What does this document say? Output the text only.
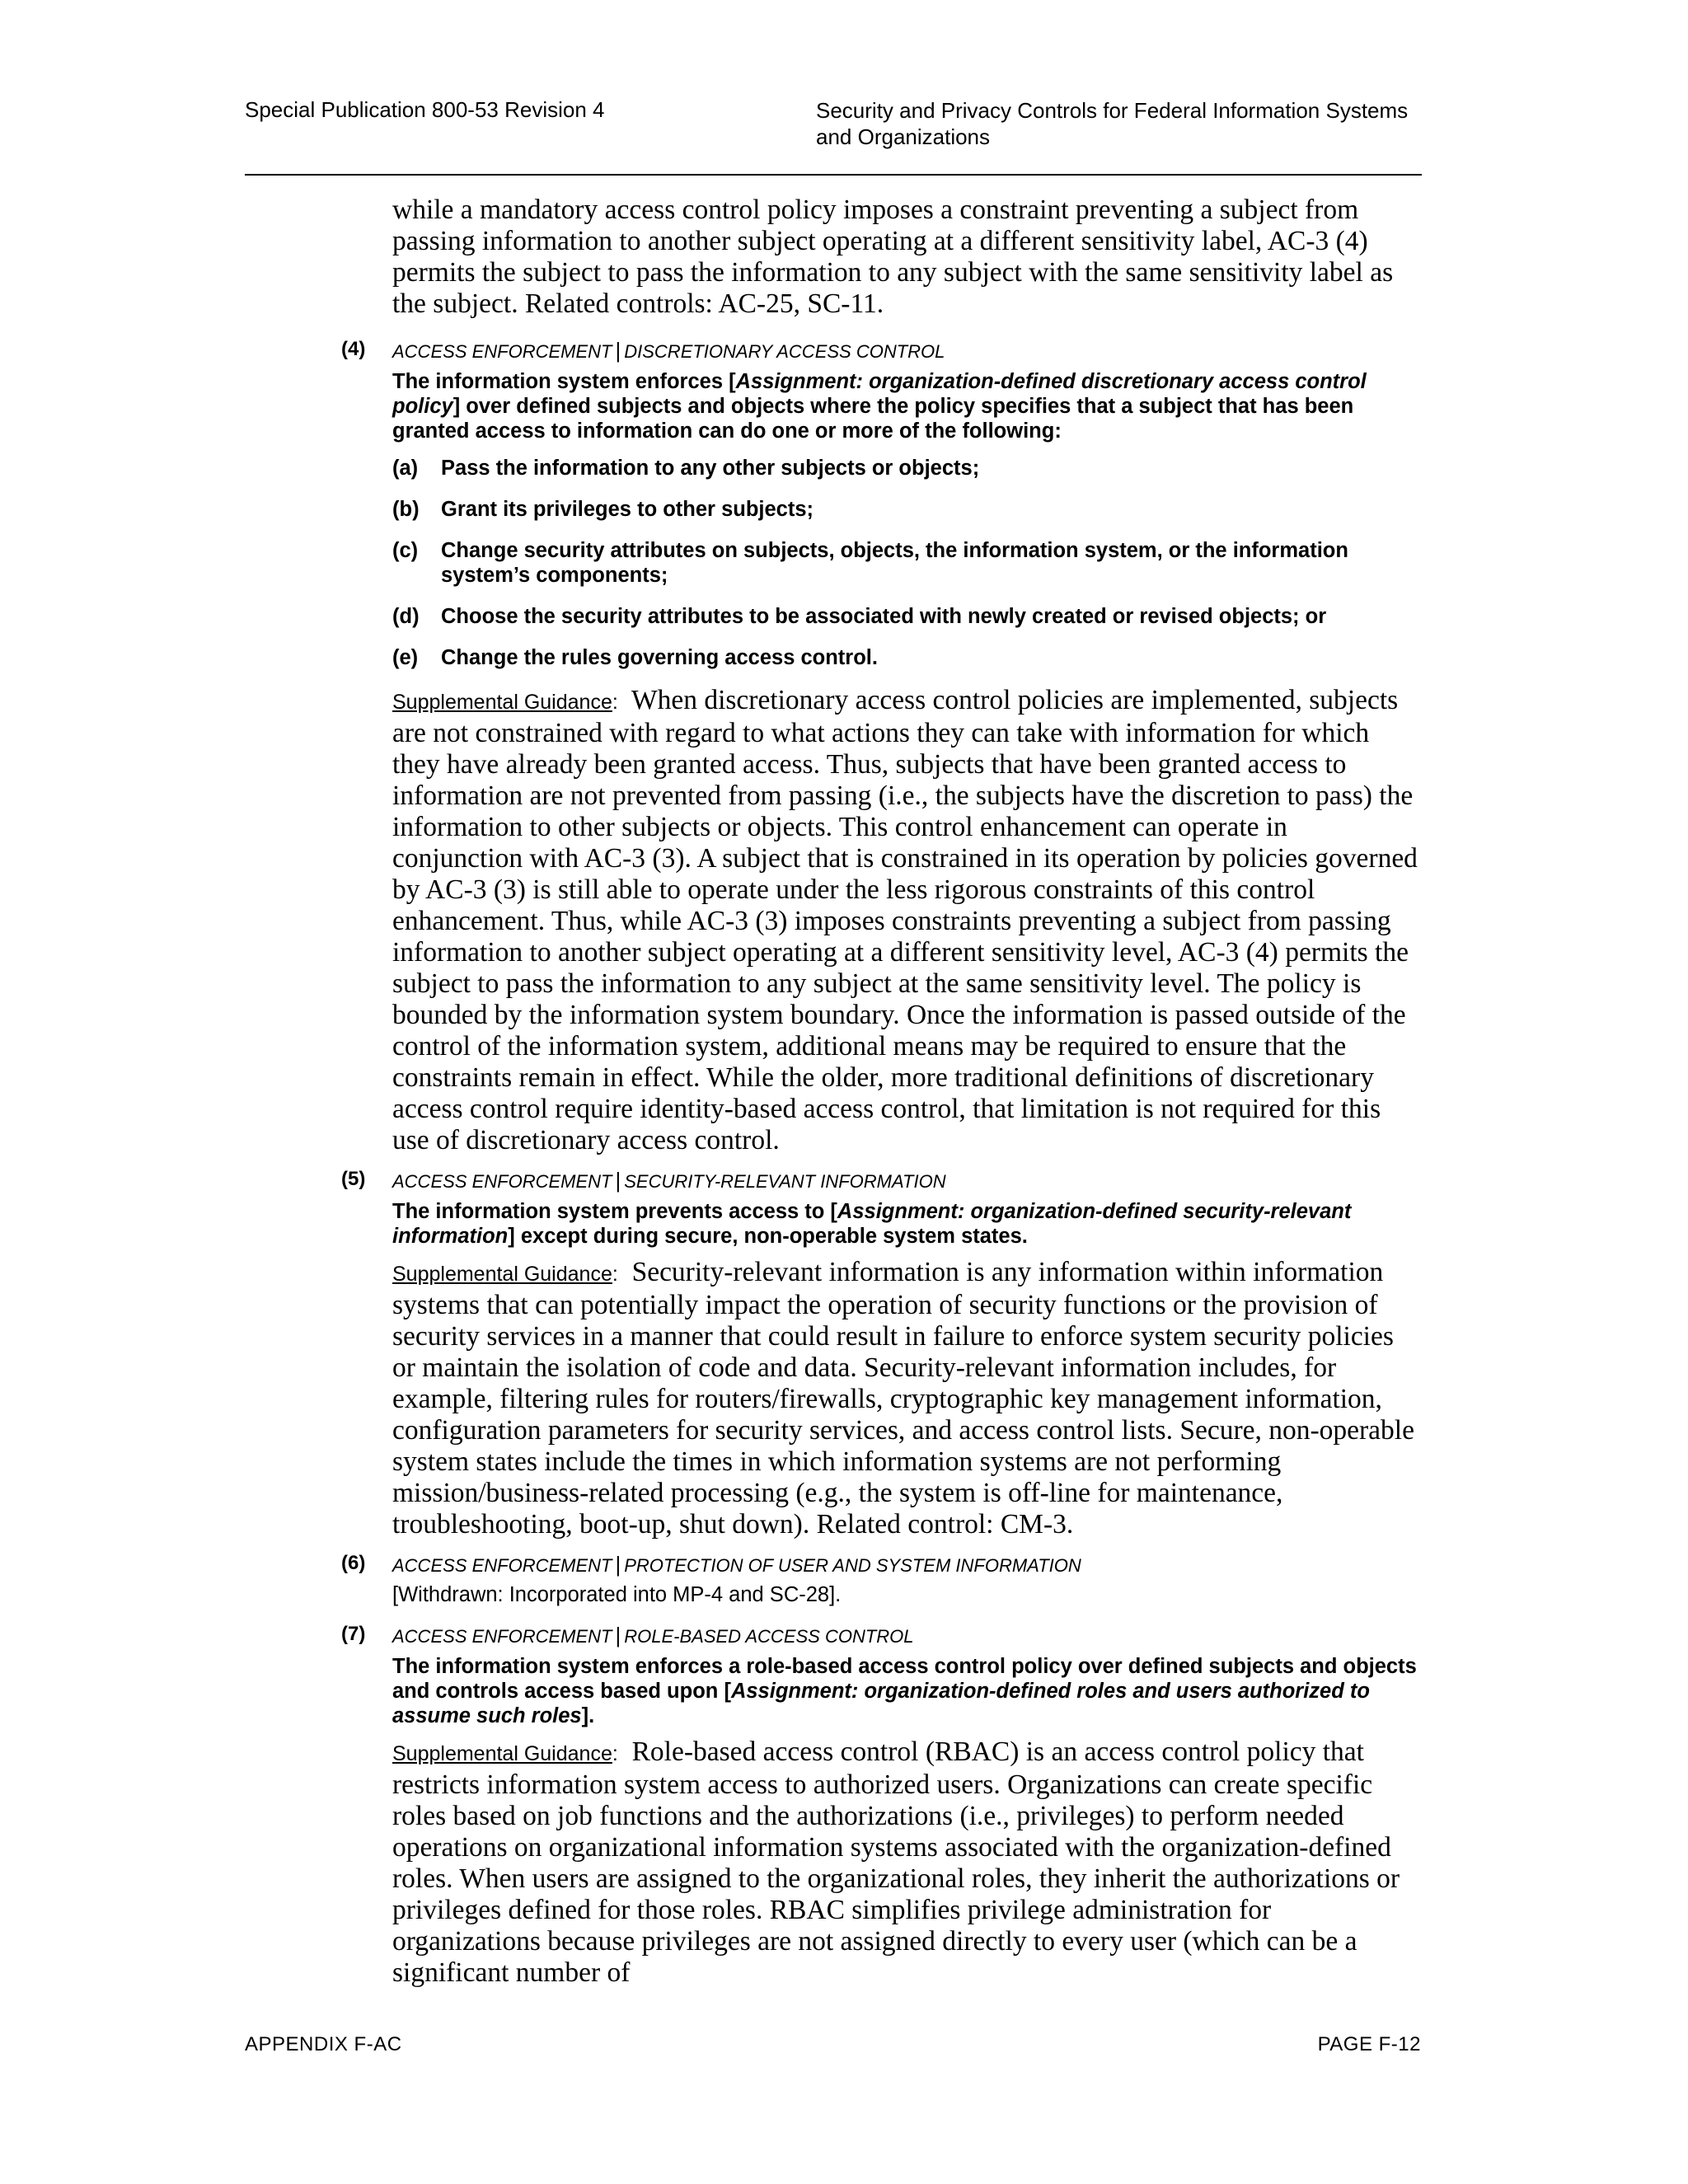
Special Publication 800-53 Revision 4	Security and Privacy Controls for Federal Information Systems and Organizations

while a mandatory access control policy imposes a constraint preventing a subject from passing information to another subject operating at a different sensitivity label, AC-3 (4) permits the subject to pass the information to any subject with the same sensitivity label as the subject. Related controls: AC-25, SC-11.

(4) ACCESS ENFORCEMENT | DISCRETIONARY ACCESS CONTROL
The information system enforces [Assignment: organization-defined discretionary access control policy] over defined subjects and objects where the policy specifies that a subject that has been granted access to information can do one or more of the following:
(a) Pass the information to any other subjects or objects;
(b) Grant its privileges to other subjects;
(c) Change security attributes on subjects, objects, the information system, or the information system’s components;
(d) Choose the security attributes to be associated with newly created or revised objects; or
(e) Change the rules governing access control.

Supplemental Guidance: When discretionary access control policies are implemented, subjects are not constrained with regard to what actions they can take with information for which they have already been granted access. Thus, subjects that have been granted access to information are not prevented from passing (i.e., the subjects have the discretion to pass) the information to other subjects or objects. This control enhancement can operate in conjunction with AC-3 (3). A subject that is constrained in its operation by policies governed by AC-3 (3) is still able to operate under the less rigorous constraints of this control enhancement. Thus, while AC-3 (3) imposes constraints preventing a subject from passing information to another subject operating at a different sensitivity level, AC-3 (4) permits the subject to pass the information to any subject at the same sensitivity level. The policy is bounded by the information system boundary. Once the information is passed outside of the control of the information system, additional means may be required to ensure that the constraints remain in effect. While the older, more traditional definitions of discretionary access control require identity-based access control, that limitation is not required for this use of discretionary access control.

(5) ACCESS ENFORCEMENT | SECURITY-RELEVANT INFORMATION
The information system prevents access to [Assignment: organization-defined security-relevant information] except during secure, non-operable system states.

Supplemental Guidance: Security-relevant information is any information within information systems that can potentially impact the operation of security functions or the provision of security services in a manner that could result in failure to enforce system security policies or maintain the isolation of code and data. Security-relevant information includes, for example, filtering rules for routers/firewalls, cryptographic key management information, configuration parameters for security services, and access control lists. Secure, non-operable system states include the times in which information systems are not performing mission/business-related processing (e.g., the system is off-line for maintenance, troubleshooting, boot-up, shut down). Related control: CM-3.

(6) ACCESS ENFORCEMENT | PROTECTION OF USER AND SYSTEM INFORMATION
[Withdrawn: Incorporated into MP-4 and SC-28].
(7) ACCESS ENFORCEMENT | ROLE-BASED ACCESS CONTROL
The information system enforces a role-based access control policy over defined subjects and objects and controls access based upon [Assignment: organization-defined roles and users authorized to assume such roles].

Supplemental Guidance: Role-based access control (RBAC) is an access control policy that restricts information system access to authorized users. Organizations can create specific roles based on job functions and the authorizations (i.e., privileges) to perform needed operations on organizational information systems associated with the organization-defined roles. When users are assigned to the organizational roles, they inherit the authorizations or privileges defined for those roles. RBAC simplifies privilege administration for organizations because privileges are not assigned directly to every user (which can be a significant number of

APPENDIX F-AC	PAGE F-12
